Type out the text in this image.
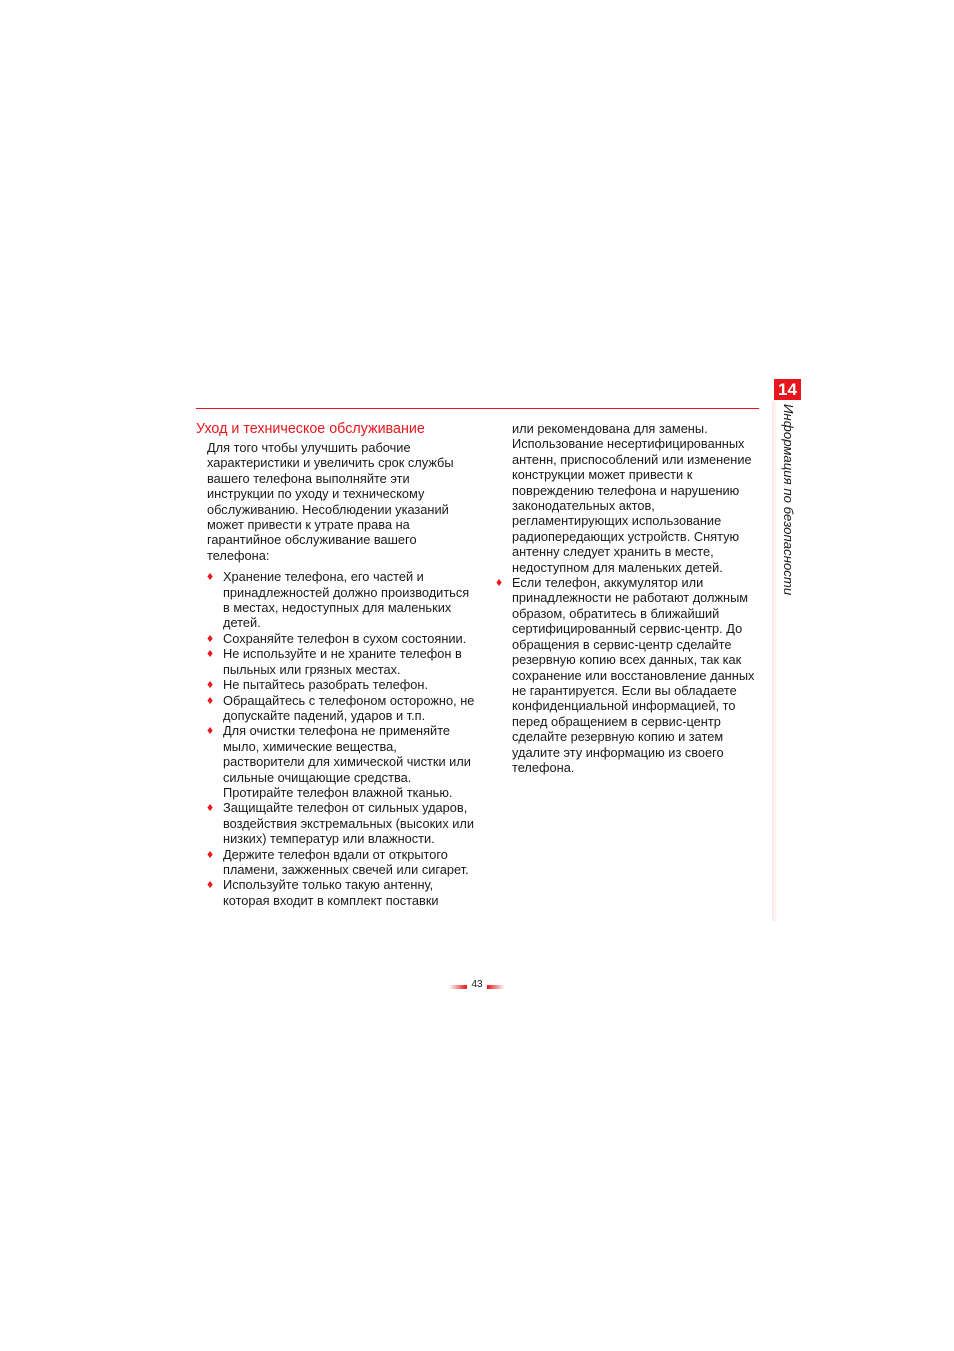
14
Информация по безопасности
Уход и техническое обслуживание

Для того чтобы улучшить рабочие характеристики и увеличить срок службы вашего телефона выполняйте эти инструкции по уходу и техническому обслуживанию. Несоблюдении указаний может привести к утрате права на гарантийное обслуживание вашего телефона:

♦ Хранение телефона, его частей и принадлежностей должно производиться в местах, недоступных для маленьких детей.
♦ Сохраняйте телефон в сухом состоянии.
♦ Не используйте и не храните телефон в пыльных или грязных местах.
♦ Не пытайтесь разобрать телефон.
♦ Обращайтесь с телефоном осторожно, не допускайте падений, ударов и т.п.
♦ Для очистки телефона не применяйте мыло, химические вещества, растворители для химической чистки или сильные очищающие средства. Протирайте телефон влажной тканью.
♦ Защищайте телефон от сильных ударов, воздействия экстремальных (высоких или низких) температур или влажности.
♦ Держите телефон вдали от открытого пламени, зажженных свечей или сигарет.
♦ Используйте только такую антенну, которая входит в комплект поставки

или рекомендована для замены. Использование несертифицированных антенн, приспособлений или изменение конструкции может привести к повреждению телефона и нарушению законодательных актов, регламентирующих использование радиопередающих устройств. Снятую антенну следует хранить в месте, недоступном для маленьких детей.

♦ Если телефон, аккумулятор или принадлежности не работают должным образом, обратитесь в ближайший сертифицированный сервис-центр. До обращения в сервис-центр сделайте резервную копию всех данных, так как сохранение или восстановление данных не гарантируется. Если вы обладаете конфиденциальной информацией, то перед обращением в сервис-центр сделайте резервную копию и затем удалите эту информацию из своего телефона.
43
